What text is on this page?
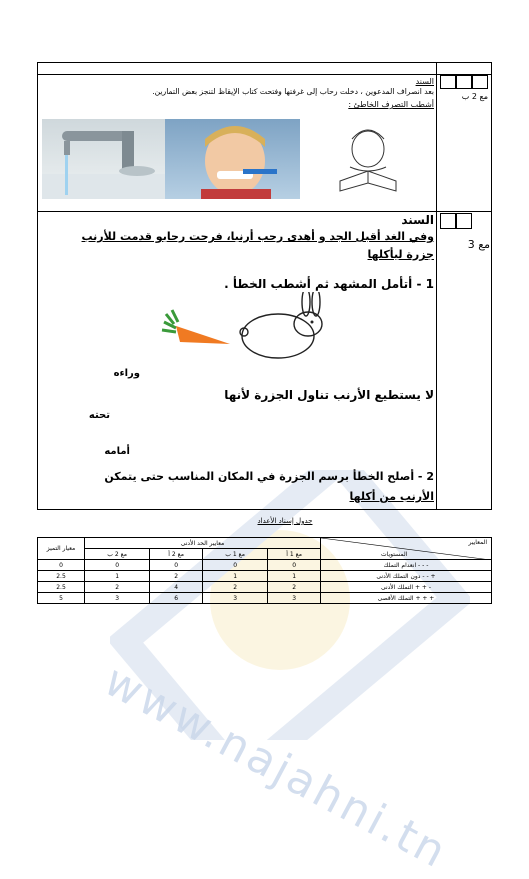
www.najahni.tn
مع 2 ب
السند
بعد انصراف المدعوين ، دخلت رحاب إلى غرفتها وفتحت كتاب الإيقاظ لتنجز بعض التمارين.
أشطب التصرف الخاطئ :
مع 3
السند
وفي الغد أقبل الجد و أهدى رحب أرنبا، فرحت رحابو قدمت للأرنب
جزرة ليأكلها
1 - أتأمل المشهد ثم أشطب الخطأ .
وراءه
لا يستطيع الأرنب تناول الجزرة لأنها
تحته
أمامه
2 - أصلح الخطأ برسم الجزرة في المكان المناسب حتى يتمكن
الأرنب من أكلها
جدول إسناد الأعداد
معيار التميز	معايير الحد الأدنى				المعايير
المستويات

	مع 2 ب	مع 2 أ	مع 1 ب	مع 1 أ	
0	0	0	0	0	انعدام التملك - - -
2.5	1	2	1	1	دون التملك الأدنى - - +
2.5	2	4	2	2	التملك الأدنى + + -
5	3	6	3	3	التملك الأقصى + + +
